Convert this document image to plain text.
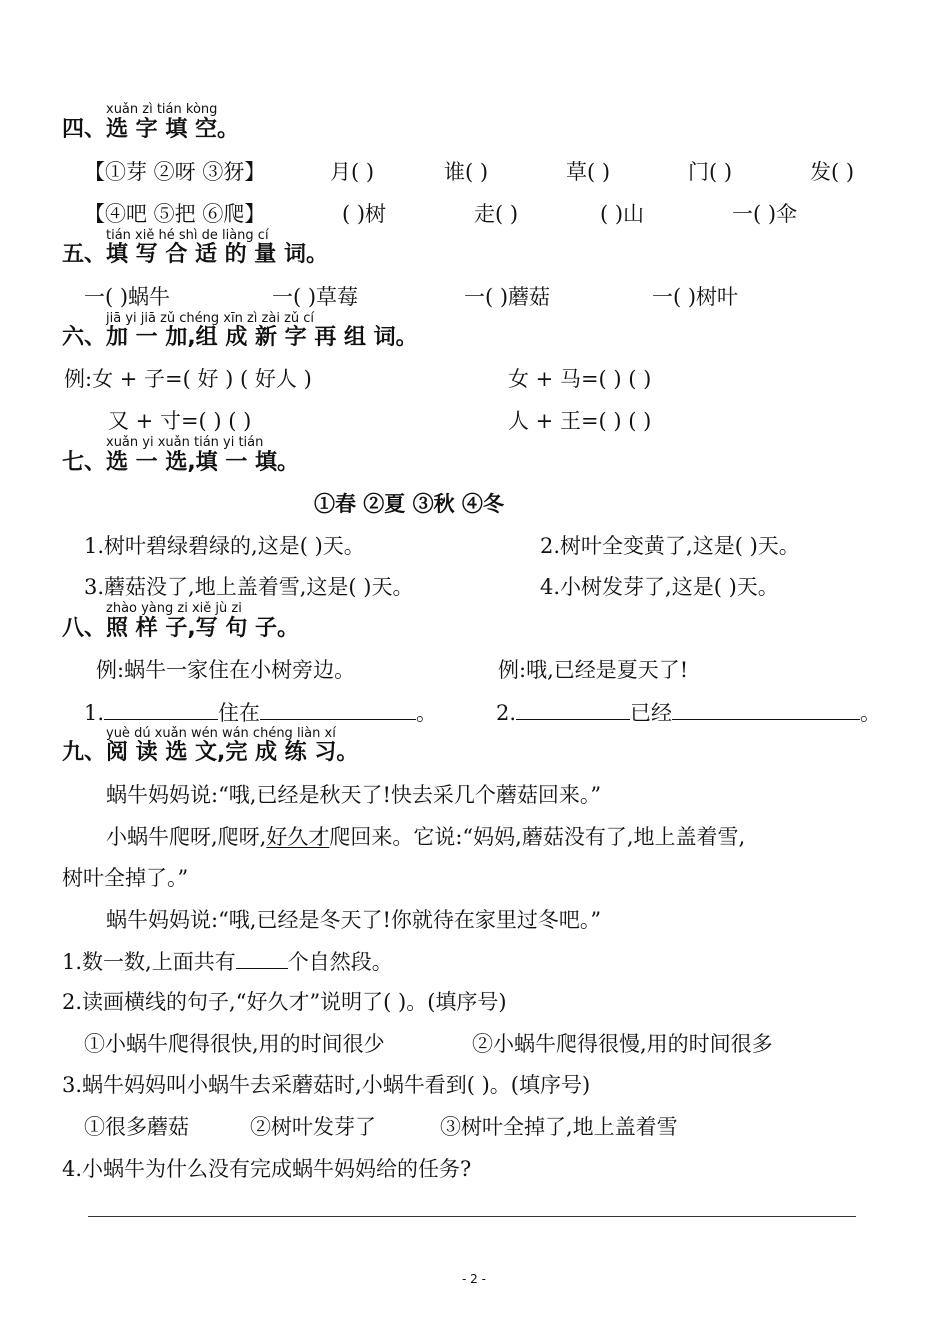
xuǎn zì tián kòng
四、选 字 填 空。
【①芽 ②呀 ③犽】	月( )	谁( )	草( )	门( )	发( )
【④吧 ⑤把 ⑥爬】	( )树	走( )	( )山	一( )伞
tián xiě hé shì de liàng cí
五、填 写 合 适 的 量 词。
一( )蜗牛	一( )草莓	一( )蘑菇	一( )树叶
jiā yi jiā zǔ chéng xīn zì zài zǔ cí
六、加 一 加,组 成 新 字 再 组 词。
例:女 + 子=( 好 ) ( 好人 )	女 + 马=( ) ( )
又 + 寸=( ) ( )	人 + 王=( ) ( )
xuǎn yi xuǎn tián yi tián
七、选 一 选,填 一 填。
①春 ②夏 ③秋 ④冬
1.树叶碧绿碧绿的,这是( )天。	2.树叶全变黄了,这是( )天。
3.蘑菇没了,地上盖着雪,这是( )天。	4.小树发芽了,这是( )天。
zhào yàng zi xiě jù zi
八、照 样 子,写 句 子。
例:蜗牛一家住在小树旁边。	例:哦,已经是夏天了!
1.	住在	。	2.	已经	。
yuè dú xuǎn wén wán chéng liàn xí
九、阅 读 选 文,完 成 练 习。
蜗牛妈妈说:“哦,已经是秋天了!快去采几个蘑菇回来。”
小蜗牛爬呀,爬呀,好久才爬回来。它说:“妈妈,蘑菇没有了,地上盖着雪,
树叶全掉了。”
蜗牛妈妈说:“哦,已经是冬天了!你就待在家里过冬吧。”
1.数一数,上面共有 个自然段。
2.读画横线的句子,“好久才”说明了( )。(填序号)
①小蜗牛爬得很快,用的时间很少	②小蜗牛爬得很慢,用的时间很多
3.蜗牛妈妈叫小蜗牛去采蘑菇时,小蜗牛看到( )。(填序号)
①很多蘑菇	②树叶发芽了	③树叶全掉了,地上盖着雪
4.小蜗牛为什么没有完成蜗牛妈妈给的任务?
- 2 -
